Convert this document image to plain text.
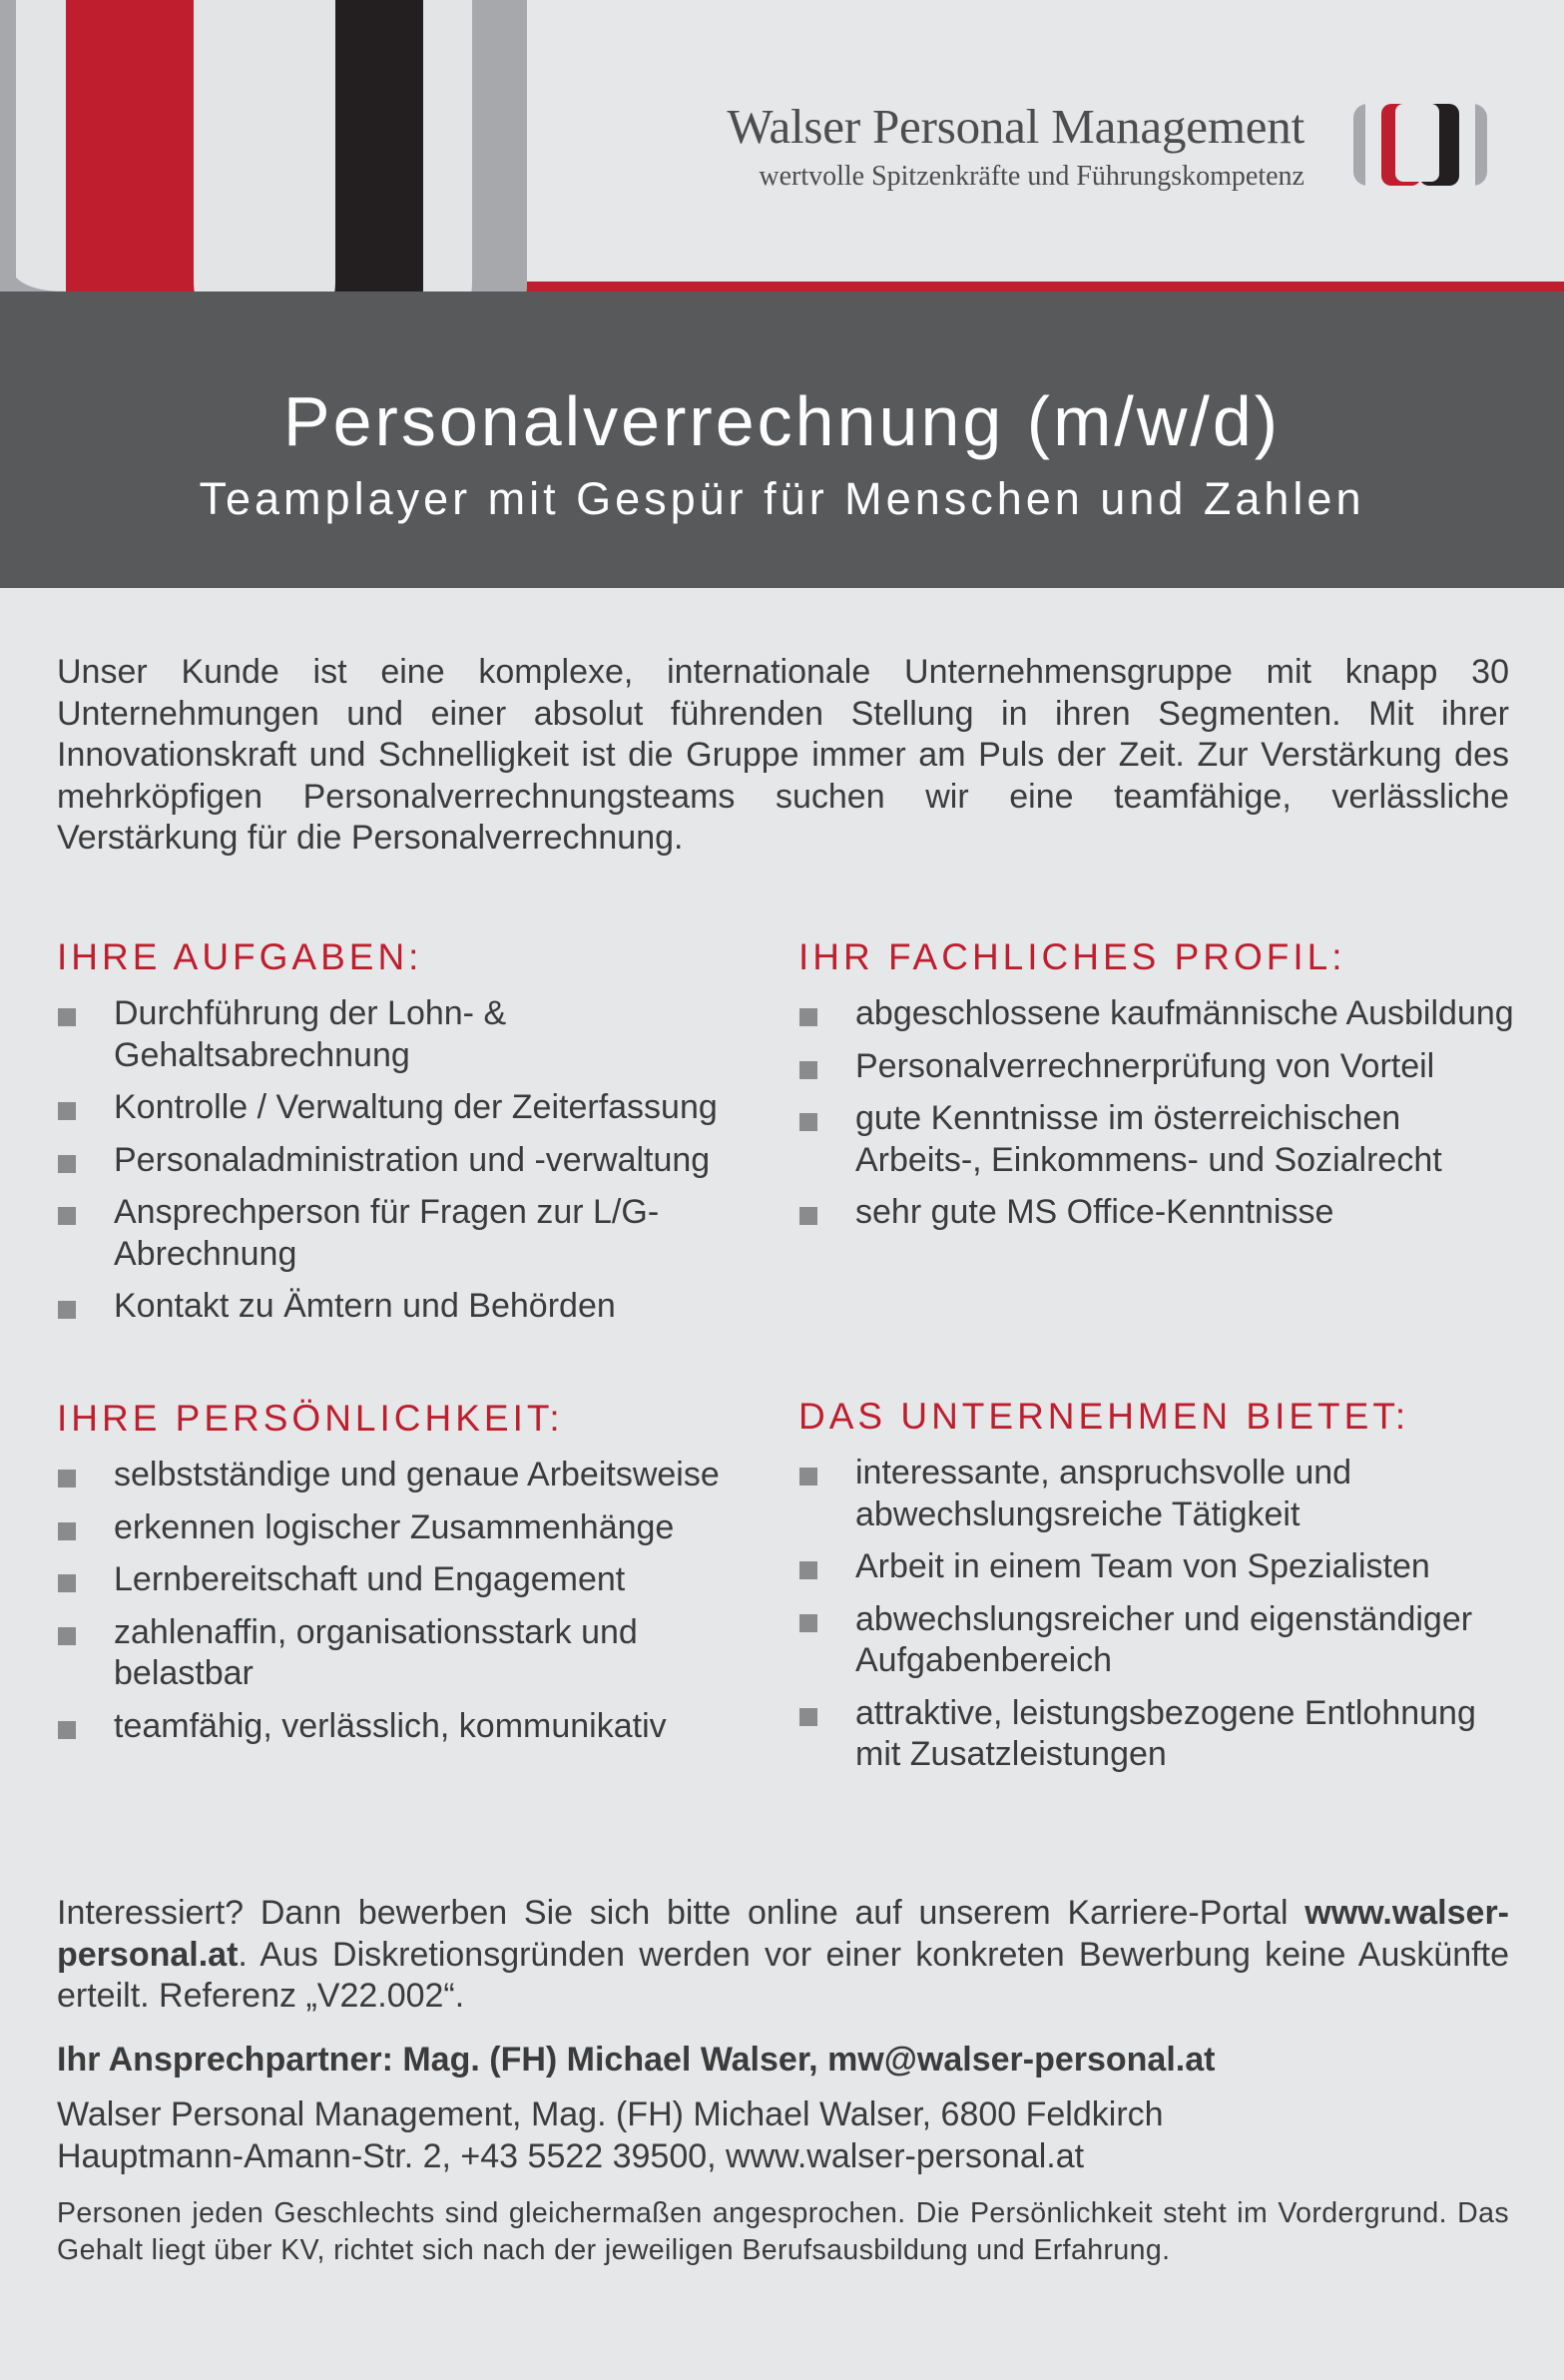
Walser Personal Management
wertvolle Spitzenkräfte und Führungskompetenz
Personalverrechnung (m/w/d)
Teamplayer mit Gespür für Menschen und Zahlen

Unser Kunde ist eine komplexe, internationale Unternehmensgruppe mit knapp 30 Unternehmungen und einer absolut führenden Stellung in ihren Segmenten. Mit ihrer Innovationskraft und Schnelligkeit ist die Gruppe immer am Puls der Zeit. Zur Verstärkung des mehrköpfigen Personalverrechnungsteams suchen wir eine teamfähige, verlässliche Verstärkung für die Personalverrechnung.

IHRE AUFGABEN:
Durchführung der Lohn- & Gehaltsabrechnung
Kontrolle / Verwaltung der Zeiterfassung
Personaladministration und -verwaltung
Ansprechperson für Fragen zur L/G-Abrechnung
Kontakt zu Ämtern und Behörden
IHR FACHLICHES PROFIL:
abgeschlossene kaufmännische Ausbildung
Personalverrechnerprüfung von Vorteil
gute Kenntnisse im österreichischen Arbeits-, Einkommens- und Sozialrecht
sehr gute MS Office-Kenntnisse
IHRE PERSÖNLICHKEIT:
selbstständige und genaue Arbeitsweise
erkennen logischer Zusammenhänge
Lernbereitschaft und Engagement
zahlenaffin, organisationsstark und belastbar
teamfähig, verlässlich, kommunikativ
DAS UNTERNEHMEN BIETET:
interessante, anspruchsvolle und abwechslungsreiche Tätigkeit
Arbeit in einem Team von Spezialisten
abwechslungsreicher und eigenständiger Aufgabenbereich
attraktive, leistungsbezogene Entlohnung mit Zusatzleistungen

Interessiert? Dann bewerben Sie sich bitte online auf unserem Karriere-Portal www.walser-personal.at. Aus Diskretionsgründen werden vor einer konkreten Bewerbung keine Auskünfte erteilt. Referenz „V22.002“.

Ihr Ansprechpartner: Mag. (FH) Michael Walser, mw@walser-personal.at

Walser Personal Management, Mag. (FH) Michael Walser, 6800 Feldkirch
Hauptmann-Amann-Str. 2, +43 5522 39500, www.walser-personal.at

Personen jeden Geschlechts sind gleichermaßen angesprochen. Die Persönlichkeit steht im Vordergrund. Das Gehalt liegt über KV, richtet sich nach der jeweiligen Berufsausbildung und Erfahrung.
